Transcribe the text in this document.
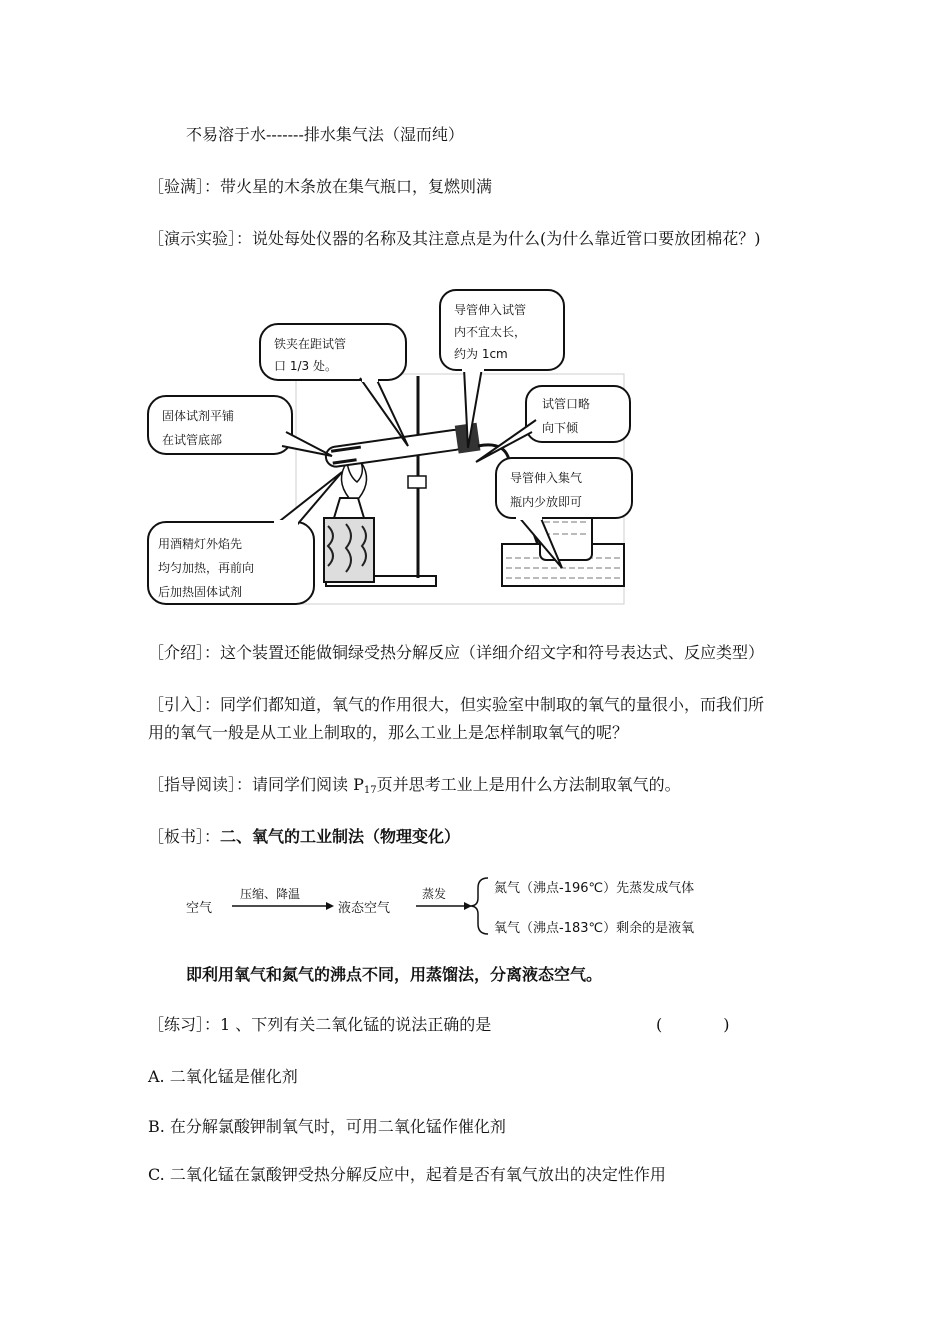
不易溶于水-------排水集气法（湿而纯）
［验满］：带火星的木条放在集气瓶口，复燃则满
［演示实验］：说处每处仪器的名称及其注意点是为什么(为什么靠近管口要放团棉花？)
铁夹在距试管
口 1/3 处。
导管伸入试管
内不宜太长，
约为 1cm
试管口略
向下倾
固体试剂平铺
在试管底部
导管伸入集气
瓶内少放即可
用酒精灯外焰先
均匀加热，再前向
后加热固体试剂
［介绍］：这个装置还能做铜绿受热分解反应（详细介绍文字和符号表达式、反应类型）
［引入］：同学们都知道，氧气的作用很大，但实验室中制取的氧气的量很小，而我们所
用的氧气一般是从工业上制取的，那么工业上是怎样制取氧气的呢？
［指导阅读］：请同学们阅读 $P_{17}$页并思考工业上是用什么方法制取氧气的。
［板书］：二、氧气的工业制法（物理变化）
空气
压缩、降温
液态空气
蒸发	氮气（沸点-196℃）先蒸发成气体
氧气（沸点-183℃）剩余的是液氧
即利用氧气和氮气的沸点不同，用蒸馏法，分离液态空气。
［练习］：1 、下列有关二氧化锰的说法正确的是	(            )
A. 二氧化锰是催化剂
B. 在分解氯酸钾制氧气时，可用二氧化锰作催化剂
C. 二氧化锰在氯酸钾受热分解反应中，起着是否有氧气放出的决定性作用
